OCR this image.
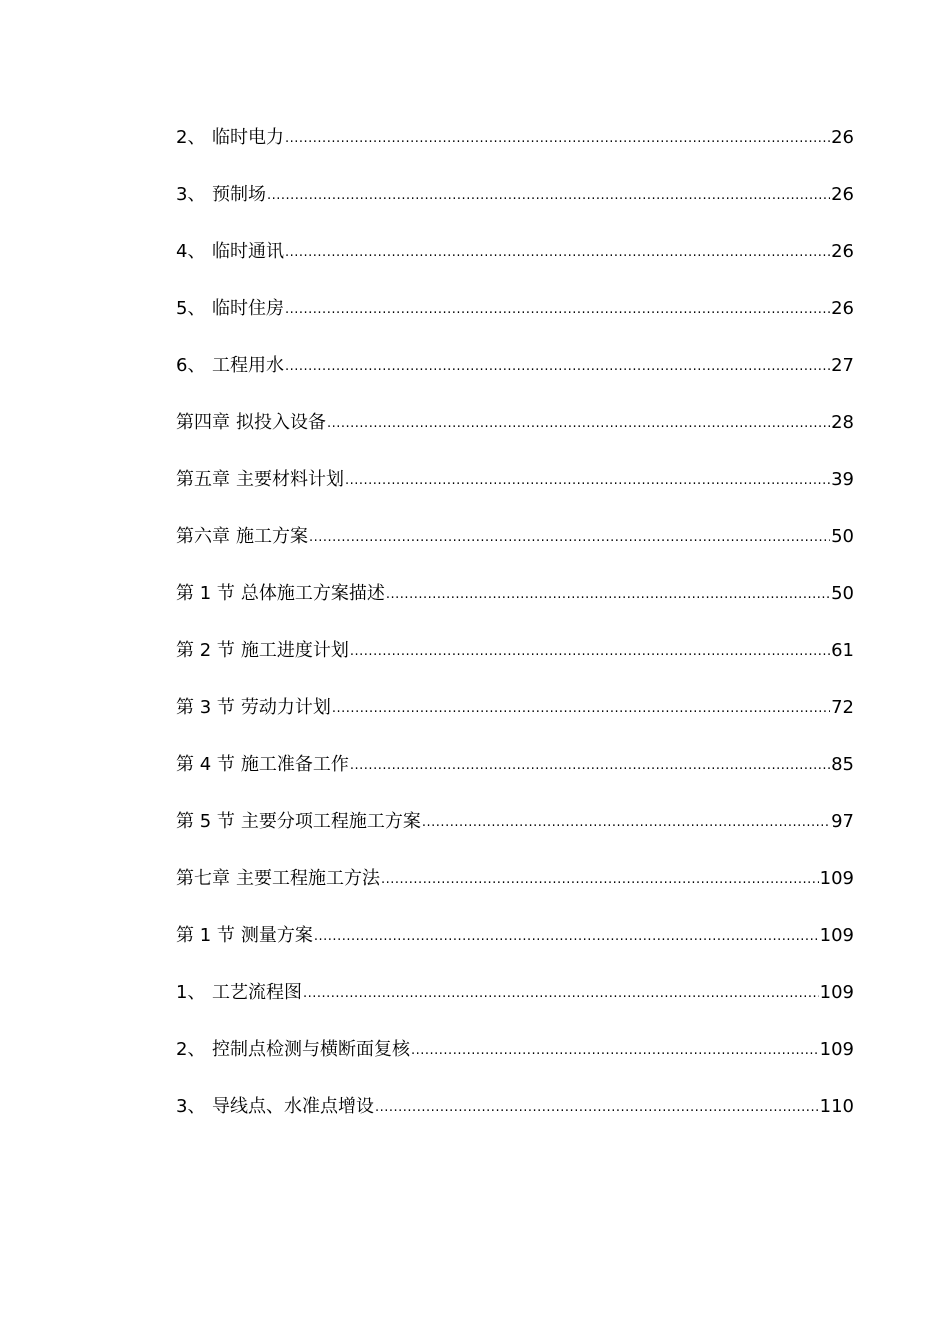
2、 临时电力 .....	26
3、 预制场 .....	26
4、 临时通讯 .....	26
5、 临时住房 .....	26
6、 工程用水 .....	27
第四章 拟投入设备 .....	28
第五章 主要材料计划 .....	39
第六章 施工方案 .....	50
第 1 节 总体施工方案描述 .....	50
第 2 节 施工进度计划 .....	61
第 3 节 劳动力计划 .....	72
第 4 节 施工准备工作 .....	85
第 5 节 主要分项工程施工方案 .....	97
第七章 主要工程施工方法 .....	109
第 1 节 测量方案 .....	109
1、 工艺流程图 .....	109
2、 控制点检测与横断面复核 .....	109
3、 导线点、水准点增设 .....	110
